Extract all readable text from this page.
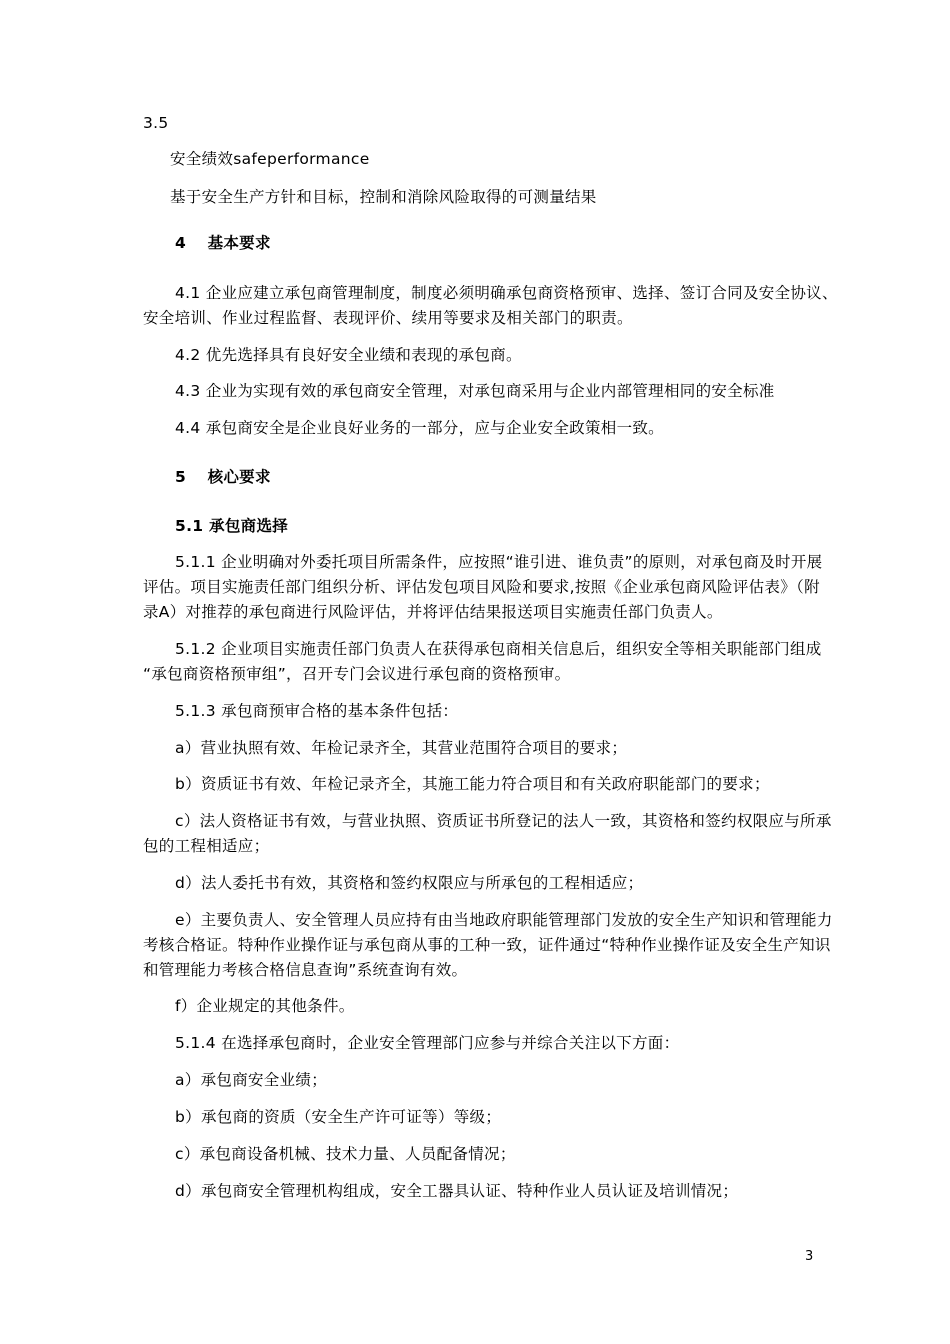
3.5
安全绩效safeperformance
基于安全生产方针和目标，控制和消除风险取得的可测量结果
4　 基本要求
4.1 企业应建立承包商管理制度，制度必须明确承包商资格预审、选择、签订合同及安全协议、
安全培训、作业过程监督、表现评价、续用等要求及相关部门的职责。
4.2 优先选择具有良好安全业绩和表现的承包商。
4.3 企业为实现有效的承包商安全管理，对承包商采用与企业内部管理相同的安全标准
4.4 承包商安全是企业良好业务的一部分，应与企业安全政策相一致。
5　 核心要求
5.1 承包商选择
5.1.1 企业明确对外委托项目所需条件，应按照“谁引进、谁负责”的原则，对承包商及时开展
评估。项目实施责任部门组织分析、评估发包项目风险和要求,按照《企业承包商风险评估表》（附
录A）对推荐的承包商进行风险评估，并将评估结果报送项目实施责任部门负责人。
5.1.2 企业项目实施责任部门负责人在获得承包商相关信息后，组织安全等相关职能部门组成
“承包商资格预审组”，召开专门会议进行承包商的资格预审。
5.1.3 承包商预审合格的基本条件包括：
a）营业执照有效、年检记录齐全，其营业范围符合项目的要求；
b）资质证书有效、年检记录齐全，其施工能力符合项目和有关政府职能部门的要求；
c）法人资格证书有效，与营业执照、资质证书所登记的法人一致，其资格和签约权限应与所承
包的工程相适应；
d）法人委托书有效，其资格和签约权限应与所承包的工程相适应；
e）主要负责人、安全管理人员应持有由当地政府职能管理部门发放的安全生产知识和管理能力
考核合格证。特种作业操作证与承包商从事的工种一致，证件通过“特种作业操作证及安全生产知识
和管理能力考核合格信息查询”系统查询有效。
f）企业规定的其他条件。
5.1.4 在选择承包商时，企业安全管理部门应参与并综合关注以下方面：
a）承包商安全业绩；
b）承包商的资质（安全生产许可证等）等级；
c）承包商设备机械、技术力量、人员配备情况；
d）承包商安全管理机构组成，安全工器具认证、特种作业人员认证及培训情况；
3
